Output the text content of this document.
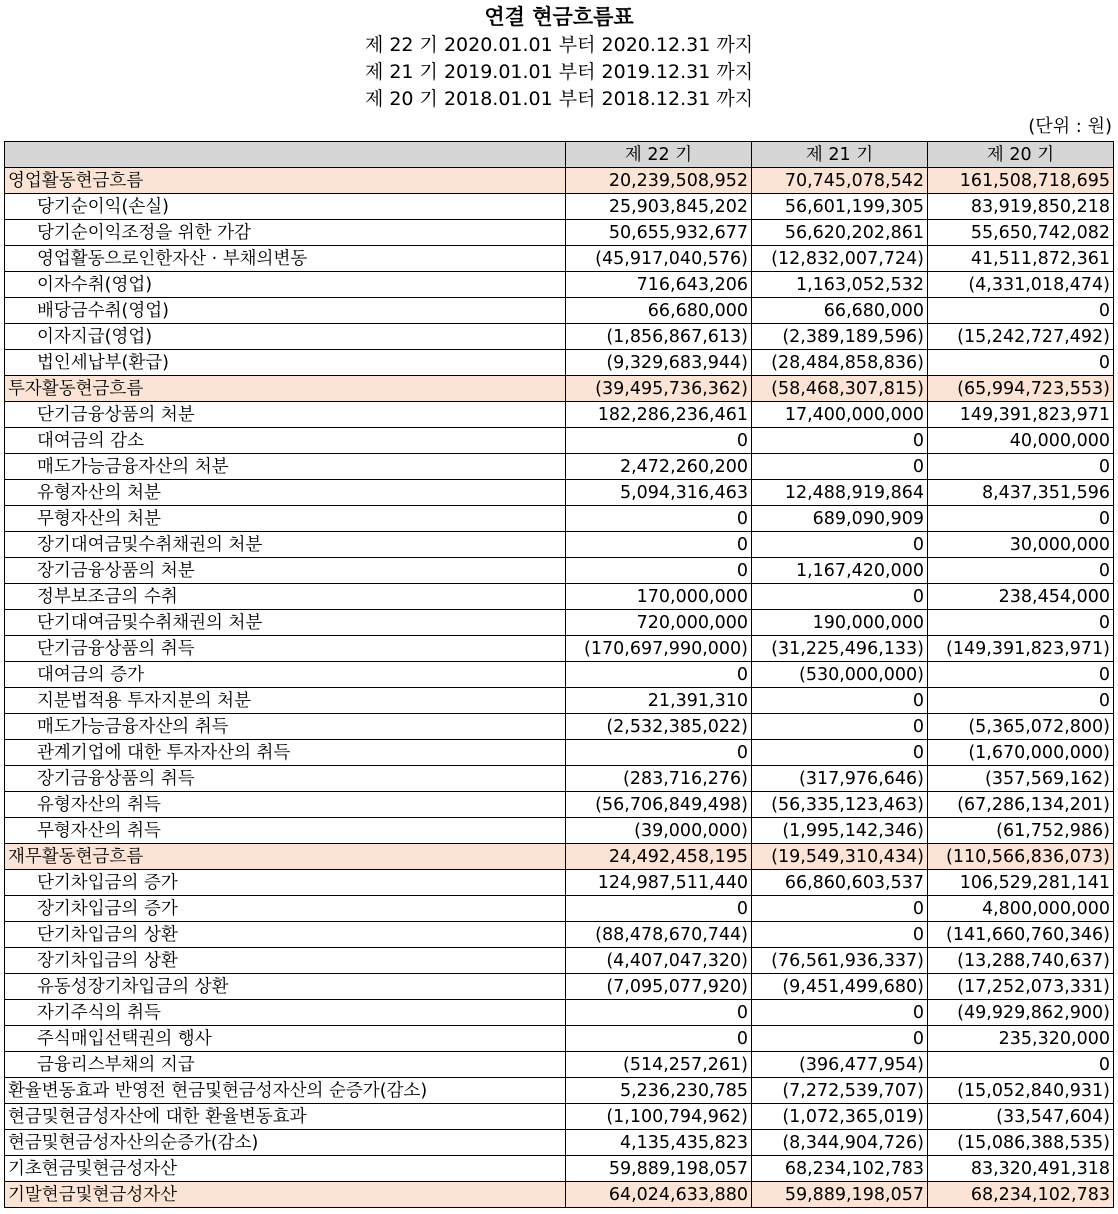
연결 현금흐름표
제 22 기 2020.01.01 부터 2020.12.31 까지
제 21 기 2019.01.01 부터 2019.12.31 까지
제 20 기 2018.01.01 부터 2018.12.31 까지
(단위 : 원)
	제 22 기	제 21 기	제 20 기
영업활동현금흐름	20,239,508,952	70,745,078,542	161,508,718,695
당기순이익(손실)	25,903,845,202	56,601,199,305	83,919,850,218
당기순이익조정을 위한 가감	50,655,932,677	56,620,202,861	55,650,742,082
영업활동으로인한자산 · 부채의변동	(45,917,040,576)	(12,832,007,724)	41,511,872,361
이자수취(영업)	716,643,206	1,163,052,532	(4,331,018,474)
배당금수취(영업)	66,680,000	66,680,000	0
이자지급(영업)	(1,856,867,613)	(2,389,189,596)	(15,242,727,492)
법인세납부(환급)	(9,329,683,944)	(28,484,858,836)	0
투자활동현금흐름	(39,495,736,362)	(58,468,307,815)	(65,994,723,553)
단기금융상품의 처분	182,286,236,461	17,400,000,000	149,391,823,971
대여금의 감소	0	0	40,000,000
매도가능금융자산의 처분	2,472,260,200	0	0
유형자산의 처분	5,094,316,463	12,488,919,864	8,437,351,596
무형자산의 처분	0	689,090,909	0
장기대여금및수취채권의 처분	0	0	30,000,000
장기금융상품의 처분	0	1,167,420,000	0
정부보조금의 수취	170,000,000	0	238,454,000
단기대여금및수취채권의 처분	720,000,000	190,000,000	0
단기금융상품의 취득	(170,697,990,000)	(31,225,496,133)	(149,391,823,971)
대여금의 증가	0	(530,000,000)	0
지분법적용 투자지분의 처분	21,391,310	0	0
매도가능금융자산의 취득	(2,532,385,022)	0	(5,365,072,800)
관계기업에 대한 투자자산의 취득	0	0	(1,670,000,000)
장기금융상품의 취득	(283,716,276)	(317,976,646)	(357,569,162)
유형자산의 취득	(56,706,849,498)	(56,335,123,463)	(67,286,134,201)
무형자산의 취득	(39,000,000)	(1,995,142,346)	(61,752,986)
재무활동현금흐름	24,492,458,195	(19,549,310,434)	(110,566,836,073)
단기차입금의 증가	124,987,511,440	66,860,603,537	106,529,281,141
장기차입금의 증가	0	0	4,800,000,000
단기차입금의 상환	(88,478,670,744)	0	(141,660,760,346)
장기차입금의 상환	(4,407,047,320)	(76,561,936,337)	(13,288,740,637)
유동성장기차입금의 상환	(7,095,077,920)	(9,451,499,680)	(17,252,073,331)
자기주식의 취득	0	0	(49,929,862,900)
주식매입선택권의 행사	0	0	235,320,000
금융리스부채의 지급	(514,257,261)	(396,477,954)	0
환율변동효과 반영전 현금및현금성자산의 순증가(감소)	5,236,230,785	(7,272,539,707)	(15,052,840,931)
현금및현금성자산에 대한 환율변동효과	(1,100,794,962)	(1,072,365,019)	(33,547,604)
현금및현금성자산의순증가(감소)	4,135,435,823	(8,344,904,726)	(15,086,388,535)
기초현금및현금성자산	59,889,198,057	68,234,102,783	83,320,491,318
기말현금및현금성자산	64,024,633,880	59,889,198,057	68,234,102,783
